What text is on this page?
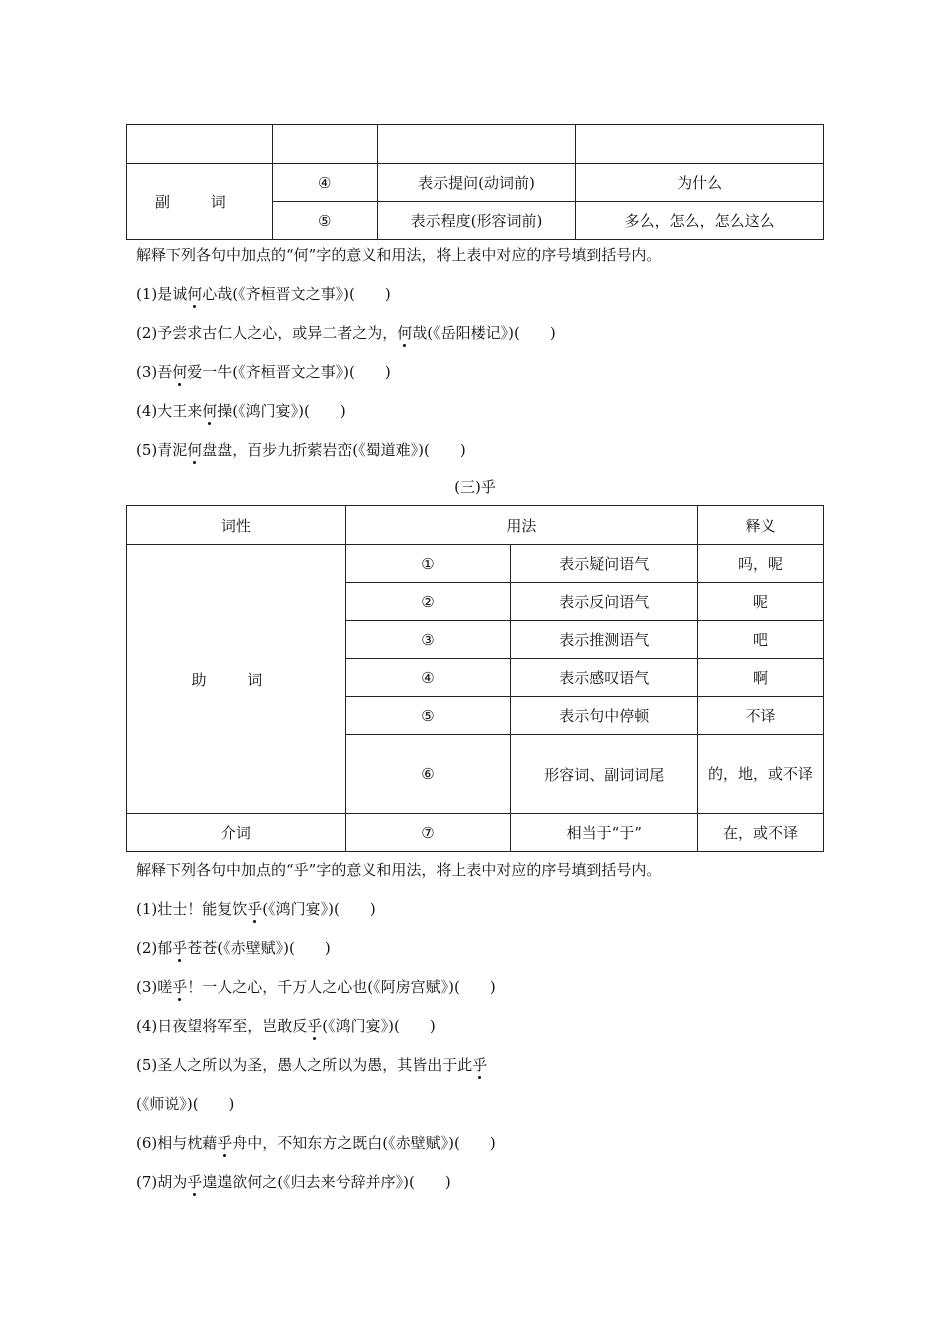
副 词	④	表示提问(动词前)	为什么
	⑤	表示程度(形容词前)	多么，怎么，怎么这么
解释下列各句中加点的“何”字的意义和用法，将上表中对应的序号填到括号内。
(1)是诚何心哉(《齐桓晋文之事》)(　　)
(2)予尝求古仁人之心，或异二者之为，何哉(《岳阳楼记》)(　　)
(3)吾何爱一牛(《齐桓晋文之事》)(　　)
(4)大王来何操(《鸿门宴》)(　　)
(5)青泥何盘盘，百步九折萦岩峦(《蜀道难》)(　　)
(三)乎
词性	用法		释义
助 词	①	表示疑问语气	吗，呢
	②	表示反问语气	呢
	③	表示推测语气	吧
	④	表示感叹语气	啊
	⑤	表示句中停顿	不译
	⑥	形容词、副词词尾	的，地，或不译
介词	⑦	相当于“于”	在，或不译
解释下列各句中加点的“乎”字的意义和用法，将上表中对应的序号填到括号内。
(1)壮士！能复饮乎(《鸿门宴》)(　　)
(2)郁乎苍苍(《赤壁赋》)(　　)
(3)嗟乎！一人之心，千万人之心也(《阿房宫赋》)(　　)
(4)日夜望将军至，岂敢反乎(《鸿门宴》)(　　)
(5)圣人之所以为圣，愚人之所以为愚，其皆出于此乎
(《师说》)(　　)
(6)相与枕藉乎舟中，不知东方之既白(《赤壁赋》)(　　)
(7)胡为乎遑遑欲何之(《归去来兮辞并序》)(　　)
